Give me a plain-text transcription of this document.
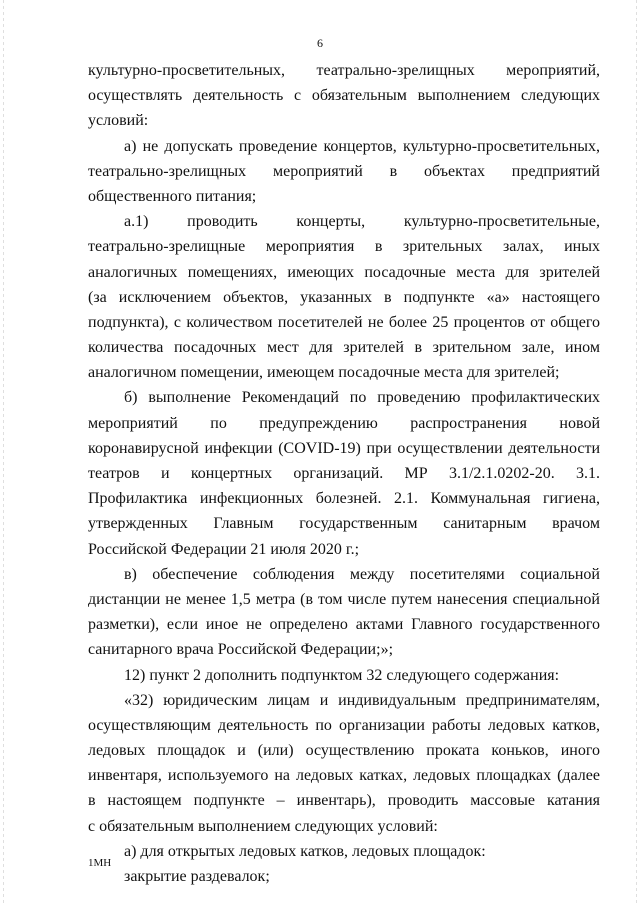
6
культурно-просветительных, театрально-зрелищных мероприятий,
осуществлять деятельность с обязательным выполнением следующих
условий:
а) не допускать проведение концертов, культурно-просветительных,
театрально-зрелищных мероприятий в объектах предприятий
общественного питания;
а.1) проводить концерты, культурно-просветительные,
театрально-зрелищные мероприятия в зрительных залах, иных
аналогичных помещениях, имеющих посадочные места для зрителей
(за исключением объектов, указанных в подпункте «а» настоящего
подпункта), с количеством посетителей не более 25 процентов от общего
количества посадочных мест для зрителей в зрительном зале, ином
аналогичном помещении, имеющем посадочные места для зрителей;
б) выполнение Рекомендаций по проведению профилактических
мероприятий по предупреждению распространения новой
коронавирусной инфекции (COVID-19) при осуществлении деятельности
театров и концертных организаций. МР 3.1/2.1.0202-20. 3.1.
Профилактика инфекционных болезней. 2.1. Коммунальная гигиена,
утвержденных Главным государственным санитарным врачом
Российской Федерации 21 июля 2020 г.;
в) обеспечение соблюдения между посетителями социальной
дистанции не менее 1,5 метра (в том числе путем нанесения специальной
разметки), если иное не определено актами Главного государственного
санитарного врача Российской Федерации;»;
12) пункт 2 дополнить подпунктом 32 следующего содержания:
«32) юридическим лицам и индивидуальным предпринимателям,
осуществляющим деятельность по организации работы ледовых катков,
ледовых площадок и (или) осуществлению проката коньков, иного
инвентаря, используемого на ледовых катках, ледовых площадках (далее
в настоящем подпункте – инвентарь), проводить массовые катания
с обязательным выполнением следующих условий:
а) для открытых ледовых катков, ледовых площадок:
закрытие раздевалок;
1МН
